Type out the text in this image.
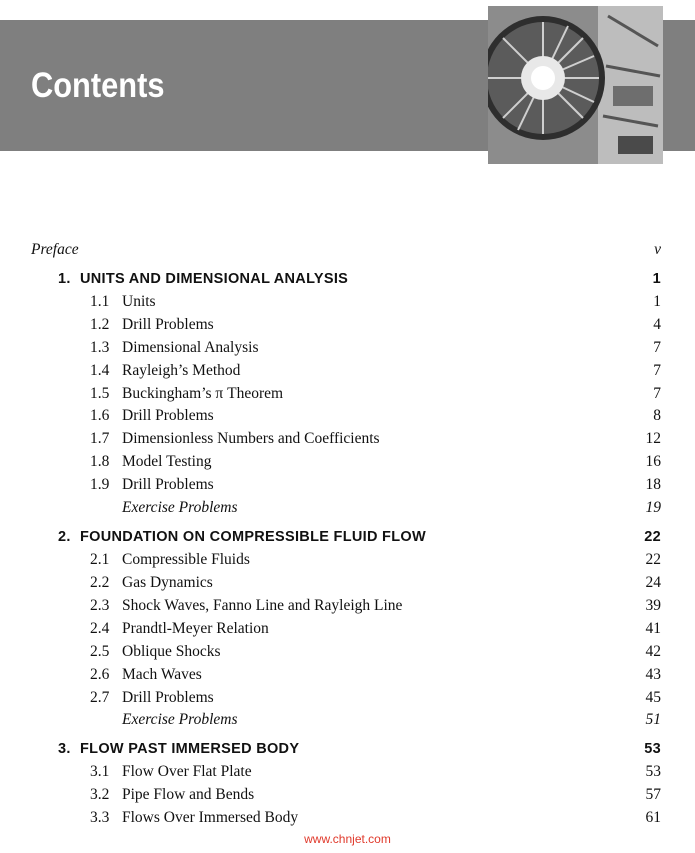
Contents
Preface	v
1. UNITS AND DIMENSIONAL ANALYSIS	1
1.1 Units	1
1.2 Drill Problems	4
1.3 Dimensional Analysis	7
1.4 Rayleigh’s Method	7
1.5 Buckingham’s π Theorem	7
1.6 Drill Problems	8
1.7 Dimensionless Numbers and Coefficients	12
1.8 Model Testing	16
1.9 Drill Problems	18
Exercise Problems	19
2. FOUNDATION ON COMPRESSIBLE FLUID FLOW	22
2.1 Compressible Fluids	22
2.2 Gas Dynamics	24
2.3 Shock Waves, Fanno Line and Rayleigh Line	39
2.4 Prandtl-Meyer Relation	41
2.5 Oblique Shocks	42
2.6 Mach Waves	43
2.7 Drill Problems	45
Exercise Problems	51
3. FLOW PAST IMMERSED BODY	53
3.1 Flow Over Flat Plate	53
3.2 Pipe Flow and Bends	57
3.3 Flows Over Immersed Body	61
www.chnjet.com
